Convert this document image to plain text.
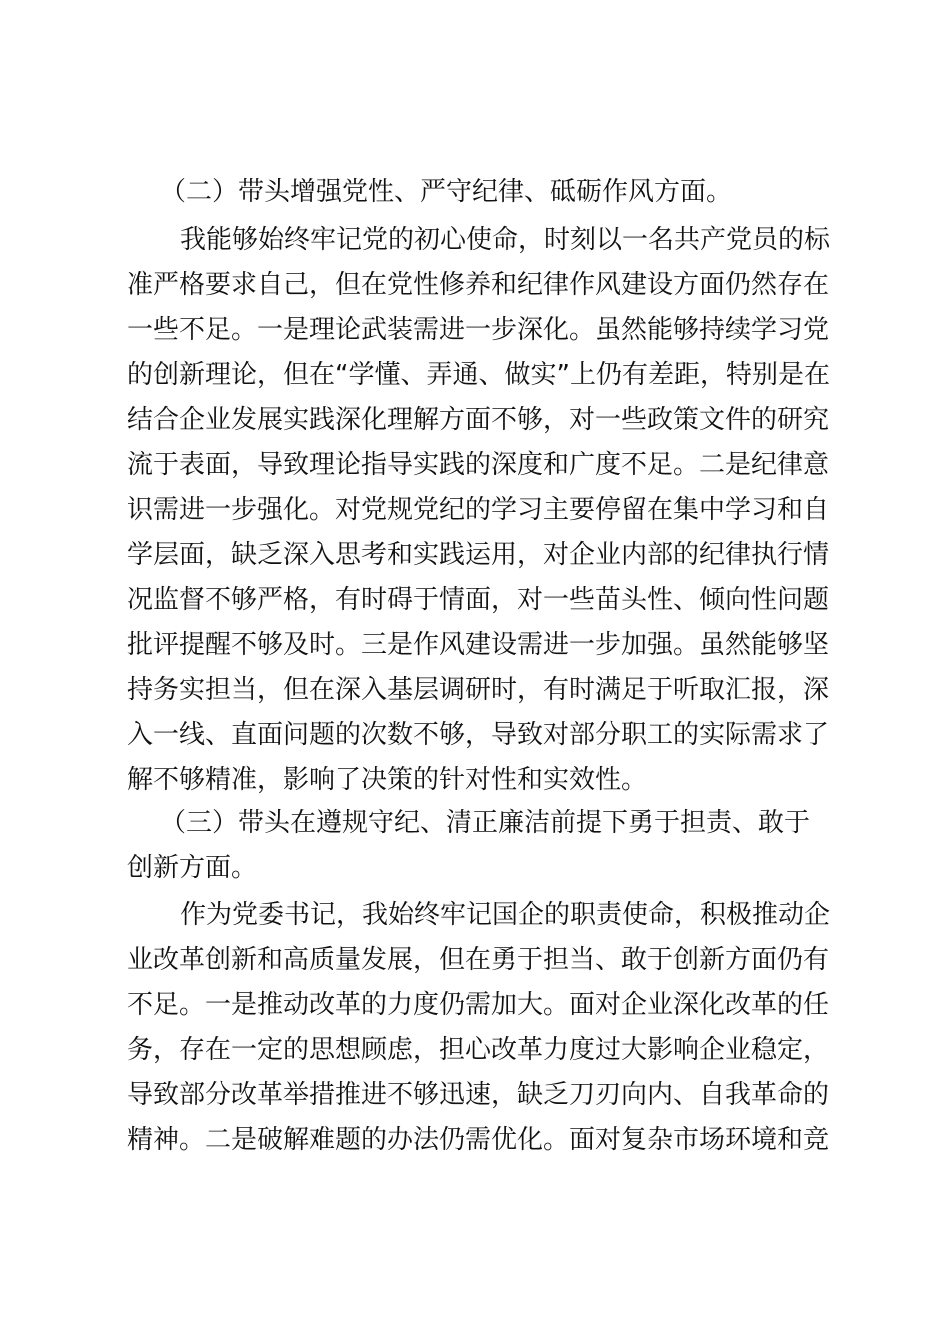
（二）带头增强党性、严守纪律、砥砺作风方面。
我能够始终牢记党的初心使命，时刻以一名共产党员的标
准严格要求自己，但在党性修养和纪律作风建设方面仍然存在
一些不足。一是理论武装需进一步深化。虽然能够持续学习党
的创新理论，但在“学懂、弄通、做实”上仍有差距，特别是在
结合企业发展实践深化理解方面不够，对一些政策文件的研究
流于表面，导致理论指导实践的深度和广度不足。二是纪律意
识需进一步强化。对党规党纪的学习主要停留在集中学习和自
学层面，缺乏深入思考和实践运用，对企业内部的纪律执行情
况监督不够严格，有时碍于情面，对一些苗头性、倾向性问题
批评提醒不够及时。三是作风建设需进一步加强。虽然能够坚
持务实担当，但在深入基层调研时，有时满足于听取汇报，深
入一线、直面问题的次数不够，导致对部分职工的实际需求了
解不够精准，影响了决策的针对性和实效性。
（三）带头在遵规守纪、清正廉洁前提下勇于担责、敢于
创新方面。
作为党委书记，我始终牢记国企的职责使命，积极推动企
业改革创新和高质量发展，但在勇于担当、敢于创新方面仍有
不足。一是推动改革的力度仍需加大。面对企业深化改革的任
务，存在一定的思想顾虑，担心改革力度过大影响企业稳定，
导致部分改革举措推进不够迅速，缺乏刀刃向内、自我革命的
精神。二是破解难题的办法仍需优化。面对复杂市场环境和竞
